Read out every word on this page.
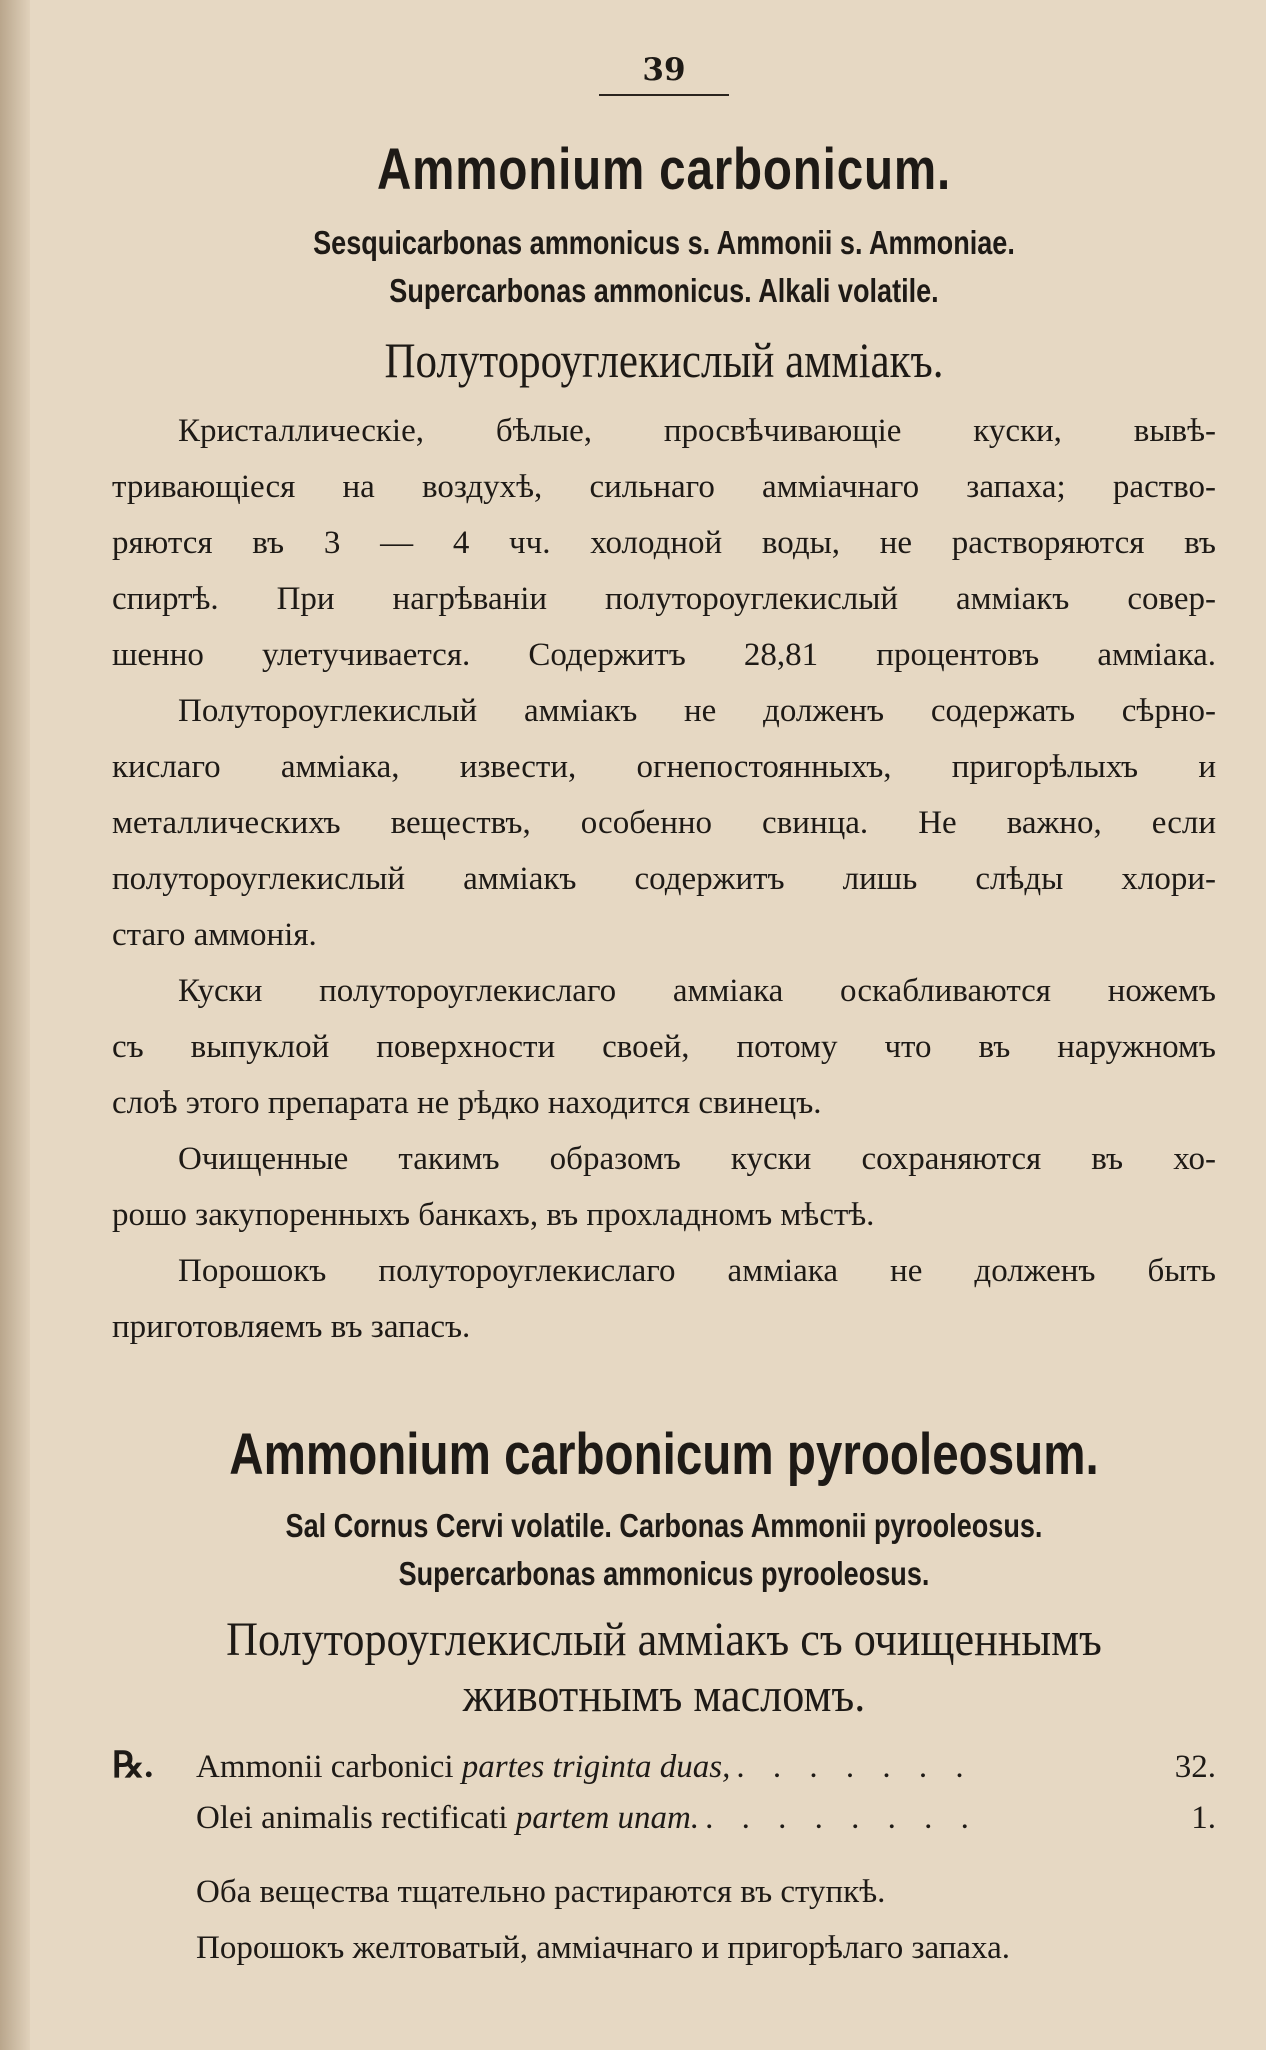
39
Ammonium carbonicum.
Sesquicarbonas ammonicus s. Ammonii s. Ammoniae. Supercarbonas ammonicus. Alkali volatile.
Полутороуглекислый амміакъ.

Кристаллическіе, бѣлые, просвѣчивающіе куски, вывѣ-
тривающіеся на воздухѣ, сильнаго амміачнаго запаха; раство-
ряются въ 3 — 4 чч. холодной воды, не растворяются въ
спиртѣ. При нагрѣваніи полутороуглекислый амміакъ совер-
шенно улетучивается. Содержитъ 28,81 процентовъ амміака.

Полутороуглекислый амміакъ не долженъ содержать сѣрно-
кислаго амміака, извести, огнепостоянныхъ, пригорѣлыхъ и
металлическихъ веществъ, особенно свинца. Не важно, если
полутороуглекислый амміакъ содержитъ лишь слѣды хлори-
стаго аммонія.

Куски полутороуглекислаго амміака оскабливаются ножемъ
съ выпуклой поверхности своей, потому что въ наружномъ
слоѣ этого препарата не рѣдко находится свинецъ.

Очищенные такимъ образомъ куски сохраняются въ хо-
рошо закупоренныхъ банкахъ, въ прохладномъ мѣстѣ.

Порошокъ полутороуглекислаго амміака не долженъ быть
приготовляемъ въ запасъ.

Ammonium carbonicum pyrooleosum.
Sal Cornus Cervi volatile. Carbonas Ammonii pyrooleosus.
Supercarbonas ammonicus pyrooleosus.
Полутороуглекислый амміакъ съ очищеннымъ
животнымъ масломъ.
℞.	Ammonii carbonici partes triginta duas, . . . . . . .	32.
Olei animalis rectificati partem unam. . . . . . . . .	1.

Оба вещества тщательно растираются въ ступкѣ.

Порошокъ желтоватый, амміачнаго и пригорѣлаго запаха.
